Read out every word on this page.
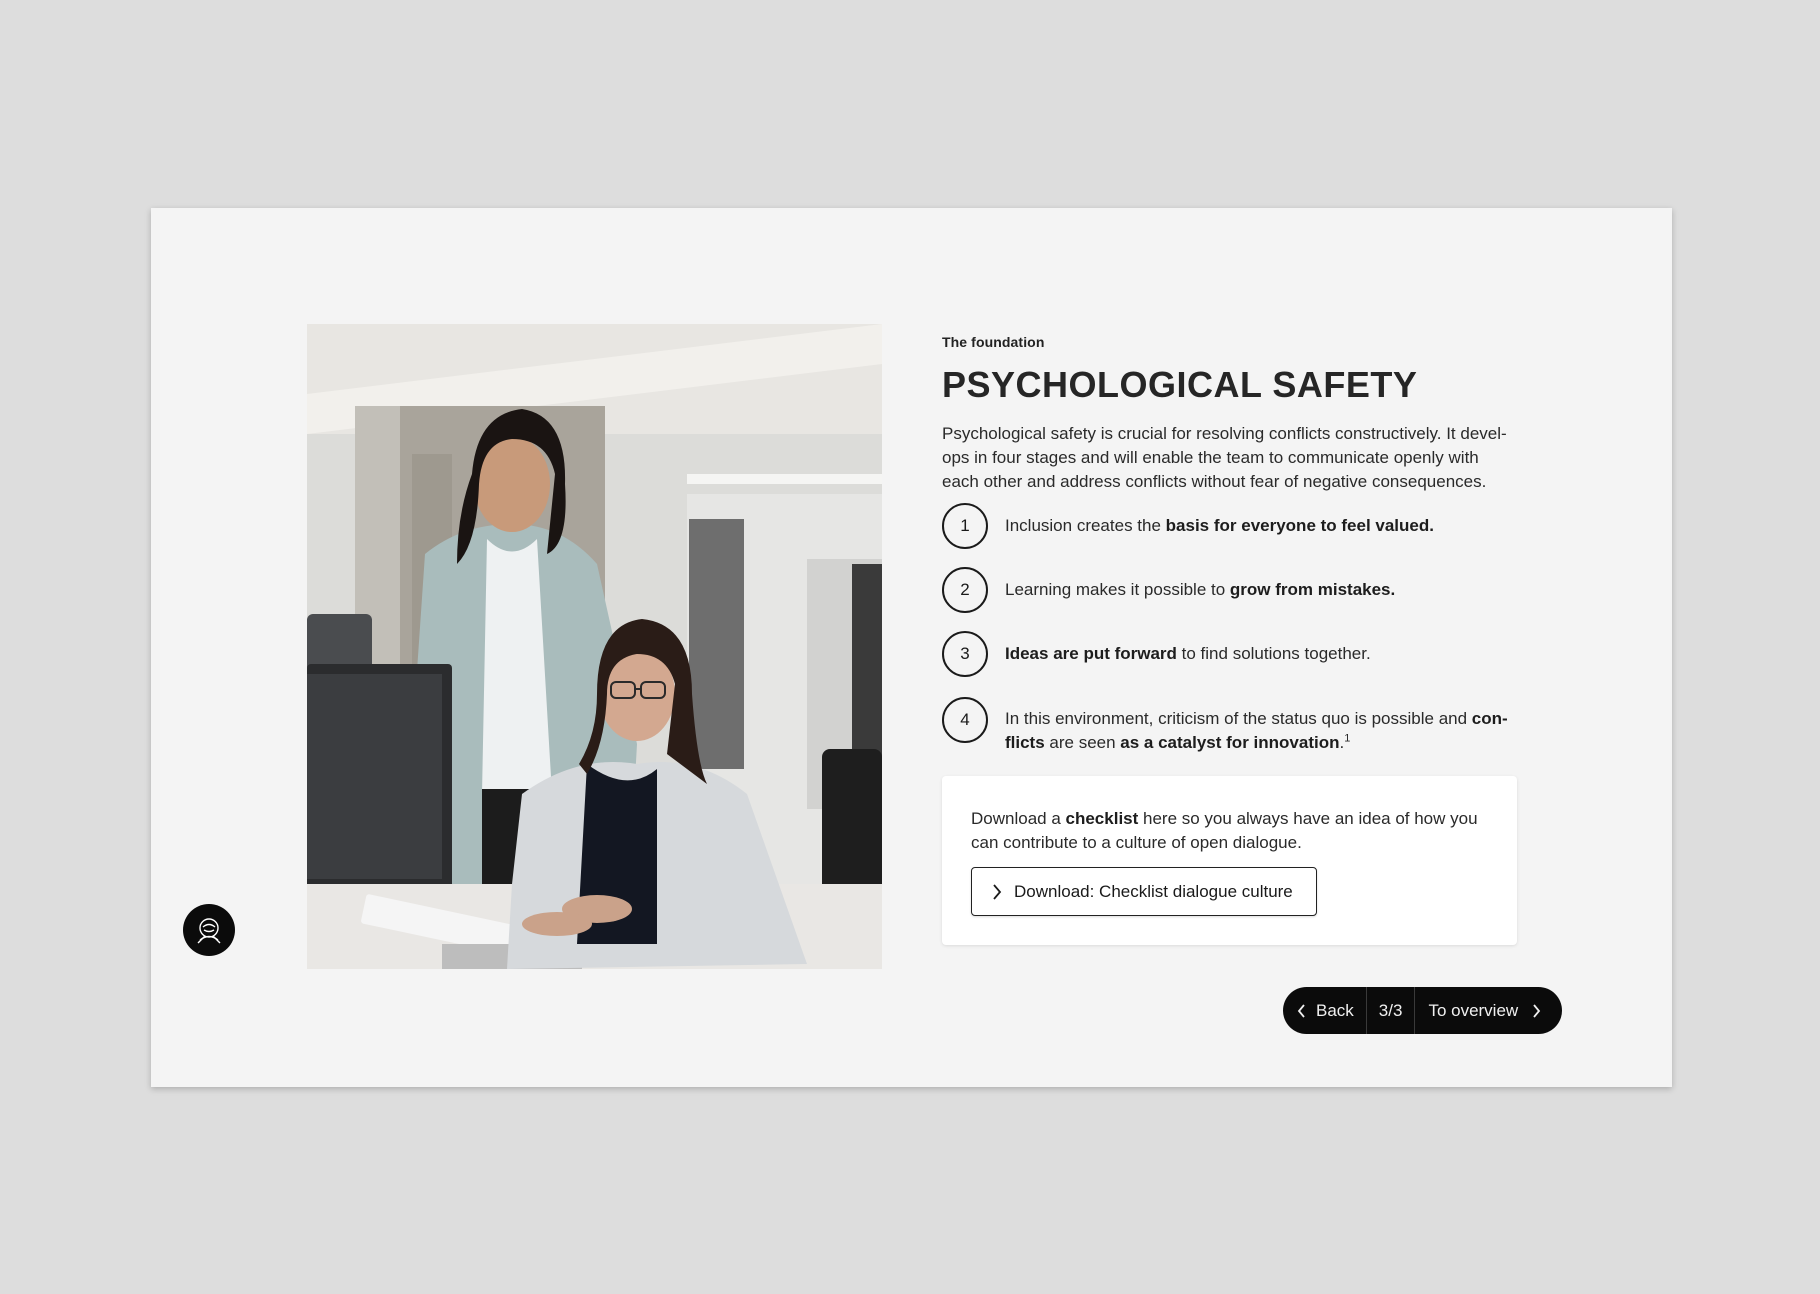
The foundation

PSYCHOLOGICAL SAFETY

Psychological safety is crucial for resolving conflicts constructively. It devel-ops in four stages and will enable the team to communicate openly with each other and address conflicts without fear of negative consequences.

1	Inclusion creates the basis for everyone to feel valued.
2	Learning makes it possible to grow from mistakes.
3	Ideas are put forward to find solutions together.
4	In this environment, criticism of the status quo is possible and con-flicts are seen as a catalyst for innovation.$^1$

Download a checklist here so you always have an idea of how you can contribute to a culture of open dialogue.

Download: Checklist dialogue culture
Back	3/3	To overview
